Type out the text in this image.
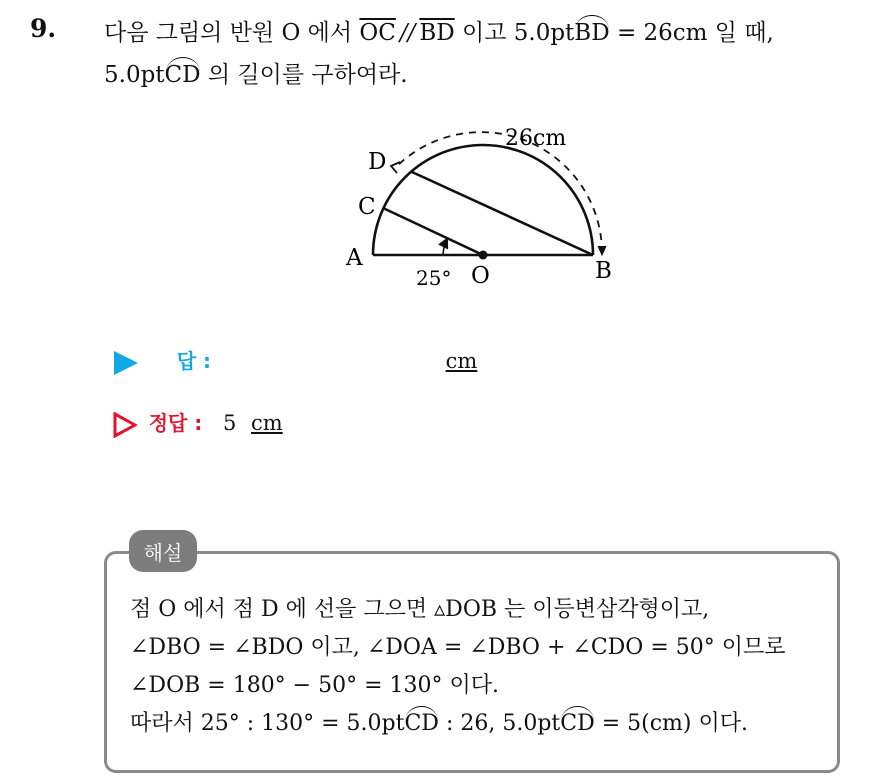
9. 다음 그림의 반원 O 에서 $\overline{OC} // \overline{BD}$ 이고 5.0ptBD = 26cm 일 때,
5.0ptCD 의 길이를 구하여라.
A	B
C
D
O
26cm
25°
답 :	cm
정답 : 5 cm
해설
점 O 에서 점 D 에 선을 그으면 ▵DOB 는 이등변삼각형이고,
∠DBO = ∠BDO 이고, ∠DOA = ∠DBO + ∠CDO = 50° 이므로
∠DOB = 180° − 50° = 130° 이다.
따라서 25° : 130° = 5.0ptCD : 26, 5.0ptCD = 5(cm) 이다.
